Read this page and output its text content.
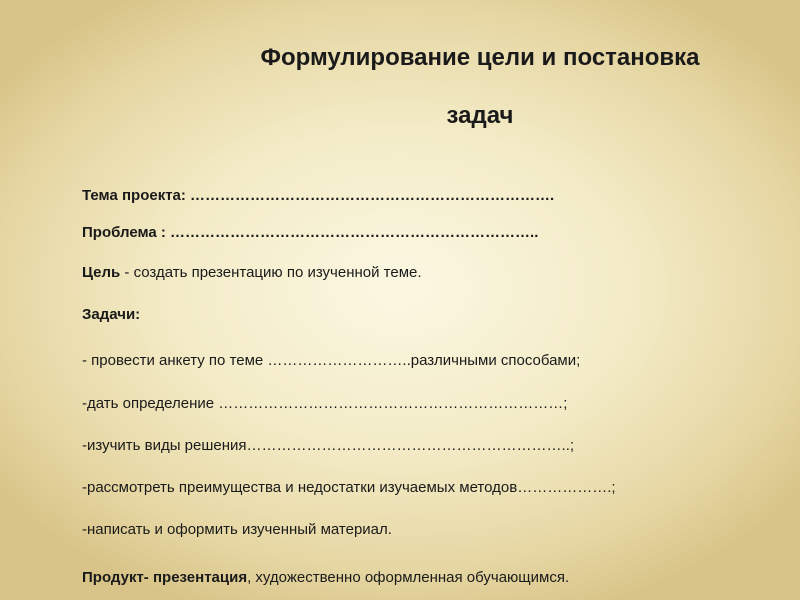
Формулирование цели и постановка
задач
Тема проекта: ……………………………………………………………….
Проблема : ………………………………………………………………..
Цель - создать презентацию по изученной теме.
Задачи:
- провести анкету по теме ………………………..различными способами;
-дать определение ……………………………………………………………;
-изучить виды решения………………………………………………………..;
-рассмотреть преимущества и недостатки изучаемых методов……………….;
-написать и оформить изученный материал.
Продукт- презентация, художественно оформленная обучающимся.
